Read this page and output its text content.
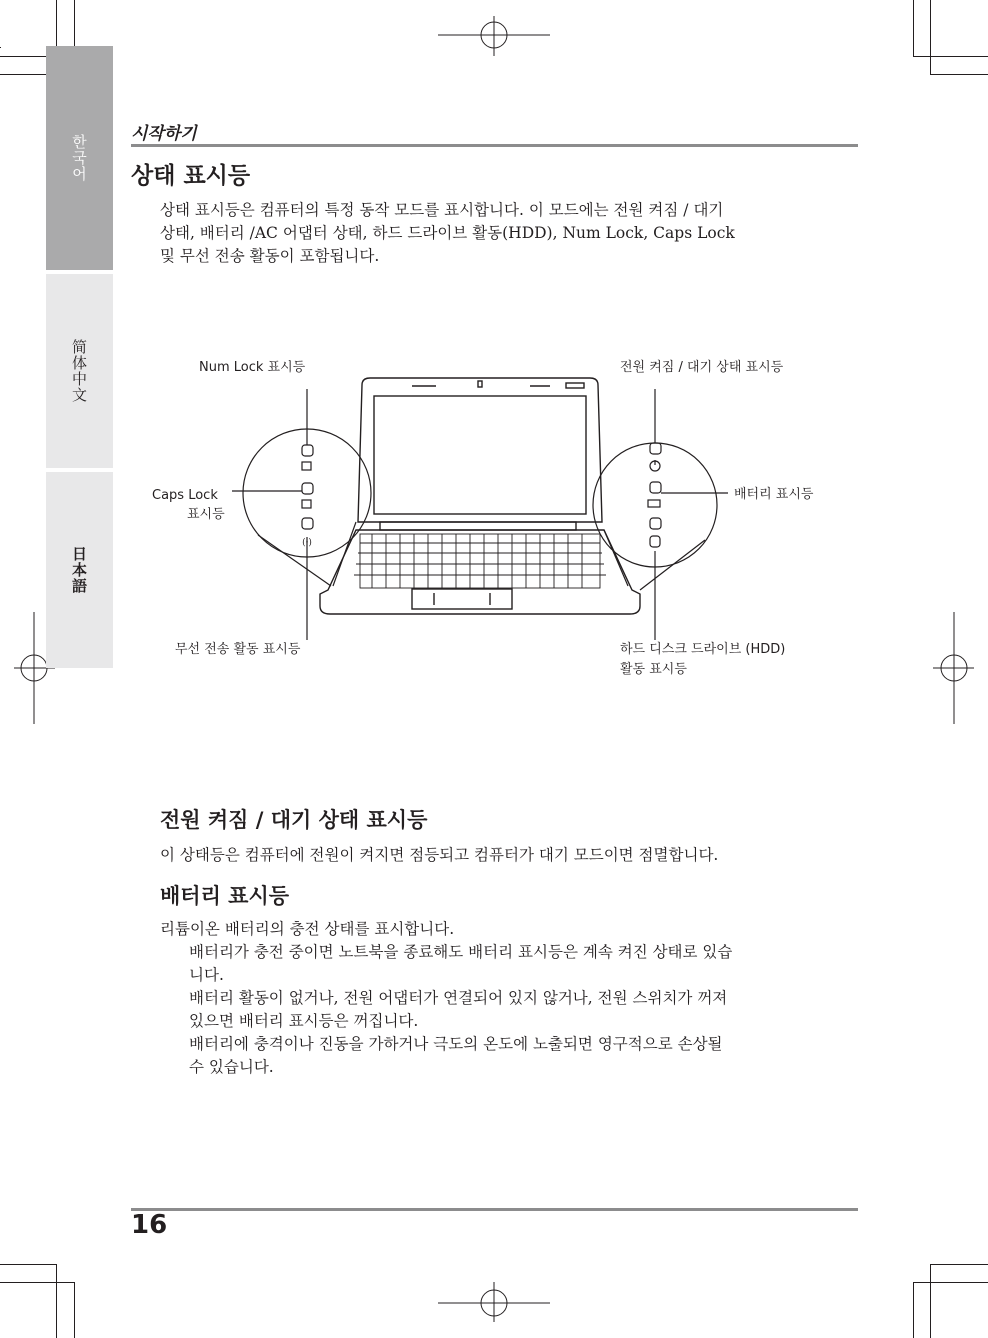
한국어
简体中文
日本語
시작하기
상태 표시등
상태 표시등은 컴퓨터의 특정 동작 모드를 표시합니다. 이 모드에는 전원 켜짐 / 대기
상태, 배터리 /AC 어댑터 상태, 하드 드라이브 활동(HDD), Num Lock, Caps Lock
및 무선 전송 활동이 포함됩니다.
(ꞏ)
Num Lock 표시등	전원 켜짐 / 대기 상태 표시등
Caps Lock
표시등
배터리 표시등
무선 전송 활동 표시등	하드 디스크 드라이브 (HDD)
활동 표시등
전원 켜짐 / 대기 상태 표시등
이 상태등은 컴퓨터에 전원이 켜지면 점등되고 컴퓨터가 대기 모드이면 점멸합니다.
배터리 표시등
리튬이온 배터리의 충전 상태를 표시합니다.
배터리가 충전 중이면 노트북을 종료해도 배터리 표시등은 계속 켜진 상태로 있습
니다.
배터리 활동이 없거나, 전원 어댑터가 연결되어 있지 않거나, 전원 스위치가 꺼져
있으면 배터리 표시등은 꺼집니다.
배터리에 충격이나 진동을 가하거나 극도의 온도에 노출되면 영구적으로 손상될
수 있습니다.
16
